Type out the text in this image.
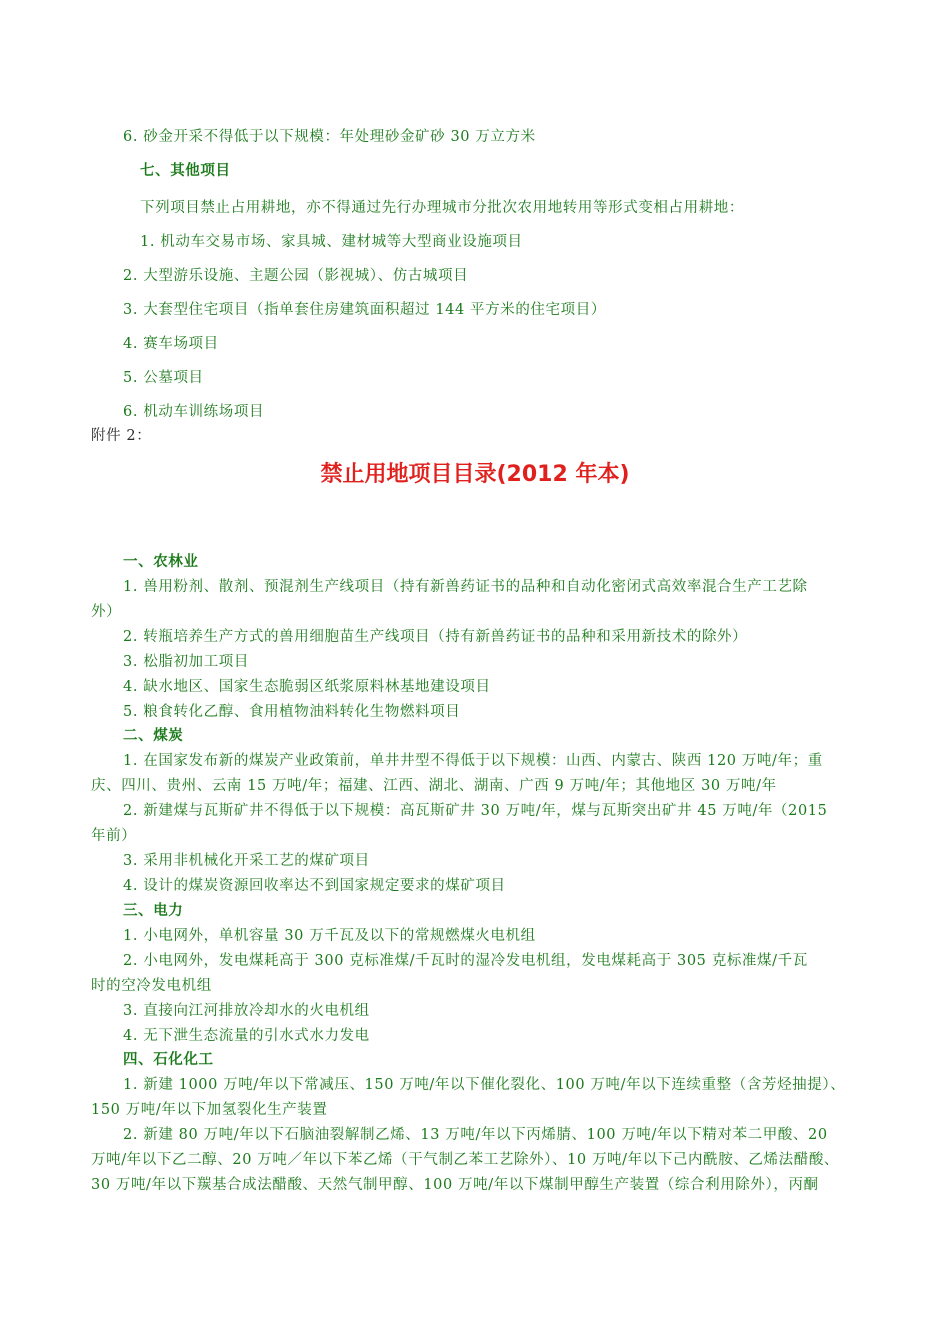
6. 砂金开采不得低于以下规模：年处理砂金矿砂 30 万立方米
七、其他项目
下列项目禁止占用耕地，亦不得通过先行办理城市分批次农用地转用等形式变相占用耕地：
1. 机动车交易市场、家具城、建材城等大型商业设施项目
2. 大型游乐设施、主题公园（影视城）、仿古城项目
3. 大套型住宅项目（指单套住房建筑面积超过 144 平方米的住宅项目）
4. 赛车场项目
5. 公墓项目
6. 机动车训练场项目
附件 2：
禁止用地项目目录(2012 年本)
一、农林业
1. 兽用粉剂、散剂、预混剂生产线项目（持有新兽药证书的品种和自动化密闭式高效率混合生产工艺除
外）
2. 转瓶培养生产方式的兽用细胞苗生产线项目（持有新兽药证书的品种和采用新技术的除外）
3. 松脂初加工项目
4. 缺水地区、国家生态脆弱区纸浆原料林基地建设项目
5. 粮食转化乙醇、食用植物油料转化生物燃料项目
二、煤炭
1. 在国家发布新的煤炭产业政策前，单井井型不得低于以下规模：山西、内蒙古、陕西 120 万吨/年；重
庆、四川、贵州、云南 15 万吨/年；福建、江西、湖北、湖南、广西 9 万吨/年；其他地区 30 万吨/年
2. 新建煤与瓦斯矿井不得低于以下规模：高瓦斯矿井 30 万吨/年，煤与瓦斯突出矿井 45 万吨/年（2015
年前）
3. 采用非机械化开采工艺的煤矿项目
4. 设计的煤炭资源回收率达不到国家规定要求的煤矿项目
三、电力
1. 小电网外，单机容量 30 万千瓦及以下的常规燃煤火电机组
2. 小电网外，发电煤耗高于 300 克标准煤/千瓦时的湿冷发电机组，发电煤耗高于 305 克标准煤/千瓦
时的空冷发电机组
3. 直接向江河排放冷却水的火电机组
4. 无下泄生态流量的引水式水力发电
四、石化化工
1. 新建 1000 万吨/年以下常减压、150 万吨/年以下催化裂化、100 万吨/年以下连续重整（含芳烃抽提）、
150 万吨/年以下加氢裂化生产装置
2. 新建 80 万吨/年以下石脑油裂解制乙烯、13 万吨/年以下丙烯腈、100 万吨/年以下精对苯二甲酸、20
万吨/年以下乙二醇、20 万吨／年以下苯乙烯（干气制乙苯工艺除外）、10 万吨/年以下己内酰胺、乙烯法醋酸、
30 万吨/年以下羰基合成法醋酸、天然气制甲醇、100 万吨/年以下煤制甲醇生产装置（综合利用除外），丙酮
